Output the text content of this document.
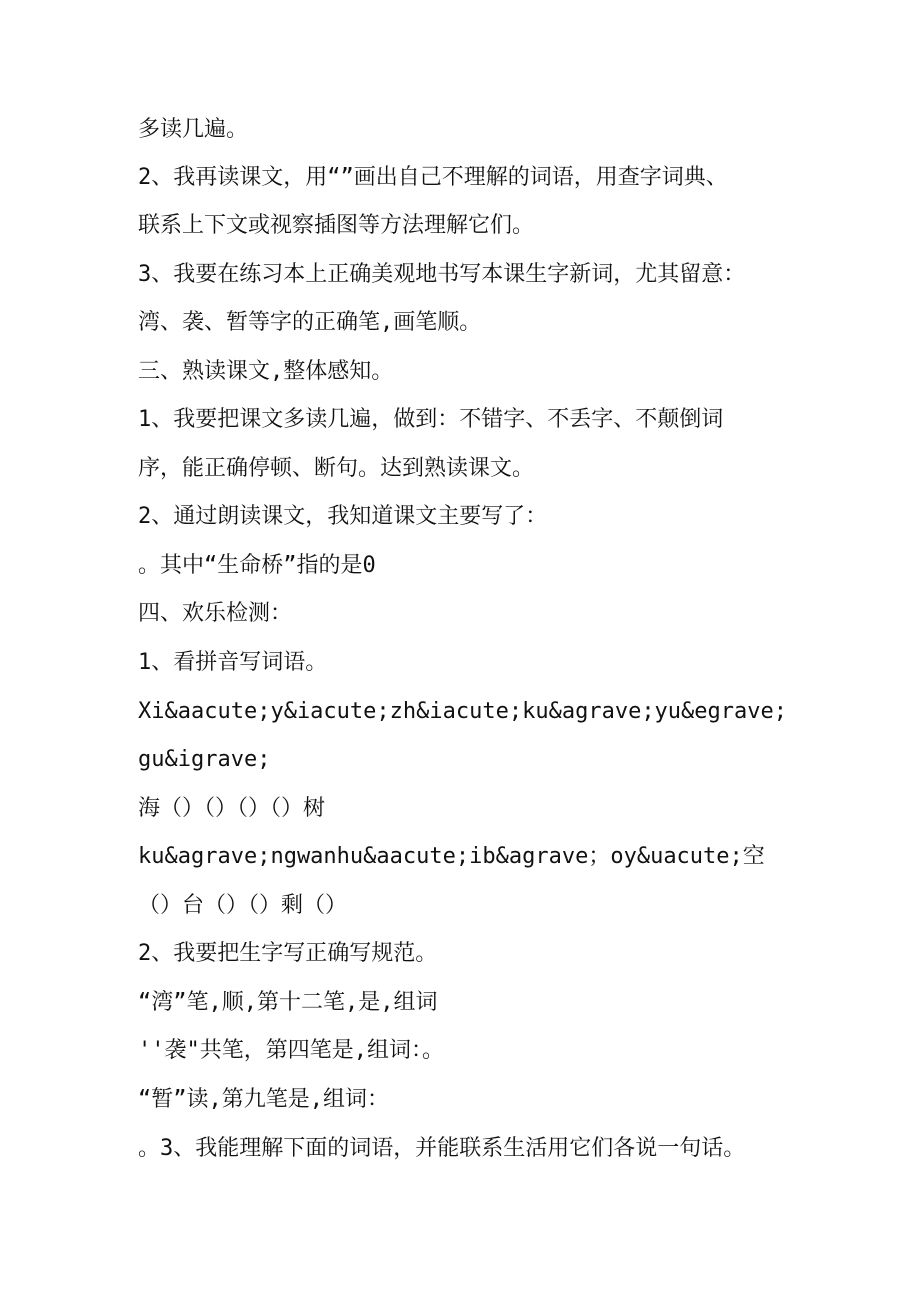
多读几遍。
2、我再读课文，用“”画出自己不理解的词语，用查字词典、
联系上下文或视察插图等方法理解它们。
3、我要在练习本上正确美观地书写本课生字新词，尤其留意：
湾、袭、暂等字的正确笔,画笔顺。
三、熟读课文,整体感知。
1、我要把课文多读几遍，做到：不错字、不丢字、不颠倒词
序，能正确停顿、断句。达到熟读课文。
2、通过朗读课文，我知道课文主要写了：
。其中“生命桥”指的是0
四、欢乐检测：
1、看拼音写词语。
Xi&aacute;y&iacute;zh&iacute;ku&agrave;yu&egrave;
gu&igrave;
海（）（）（）（）树
ku&agrave;ngwanhu&aacute;ib&agrave；oy&uacute;空
（）台（）（）剩（）
2、我要把生字写正确写规范。
“湾”笔,顺,第十二笔,是,组词
''袭"共笔，第四笔是,组词：。
“暂”读,第九笔是,组词：
。3、我能理解下面的词语，并能联系生活用它们各说一句话。
